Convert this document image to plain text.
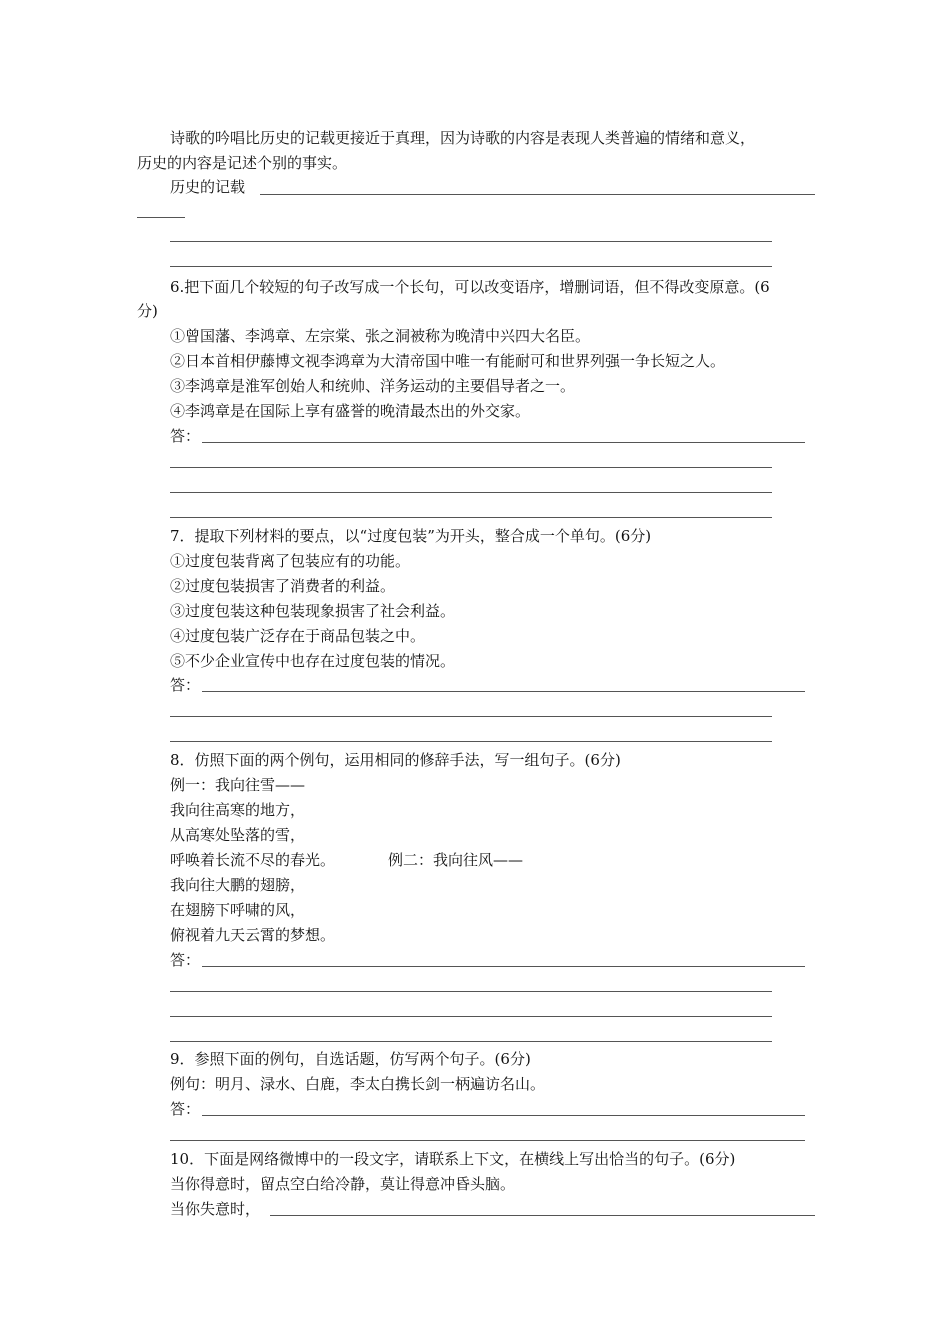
诗歌的吟唱比历史的记载更接近于真理，因为诗歌的内容是表现人类普遍的情绪和意义，
历史的内容是记述个别的事实。
历史的记载
6.把下面几个较短的句子改写成一个长句，可以改变语序，增删词语，但不得改变原意。(6
分)
①曾国藩、李鸿章、左宗棠、张之洞被称为晚清中兴四大名臣。
②日本首相伊藤博文视李鸿章为大清帝国中唯一有能耐可和世界列强一争长短之人。
③李鸿章是淮军创始人和统帅、洋务运动的主要倡导者之一。
④李鸿章是在国际上享有盛誉的晚清最杰出的外交家。
答：
7．提取下列材料的要点，以“过度包装”为开头，整合成一个单句。(6分)
①过度包装背离了包装应有的功能。
②过度包装损害了消费者的利益。
③过度包装这种包装现象损害了社会利益。
④过度包装广泛存在于商品包装之中。
⑤不少企业宣传中也存在过度包装的情况。
答：
8．仿照下面的两个例句，运用相同的修辞手法，写一组句子。(6分)
例一：我向往雪——
我向往高寒的地方，
从高寒处坠落的雪，
呼唤着长流不尽的春光。	例二：我向往风——
我向往大鹏的翅膀，
在翅膀下呼啸的风，
俯视着九天云霄的梦想。
答：
9．参照下面的例句，自选话题，仿写两个句子。(6分)
例句：明月、渌水、白鹿，李太白携长剑一柄遍访名山。
答：
10．下面是网络微博中的一段文字，请联系上下文，在横线上写出恰当的句子。(6分)
当你得意时，留点空白给冷静，莫让得意冲昏头脑。
当你失意时，
